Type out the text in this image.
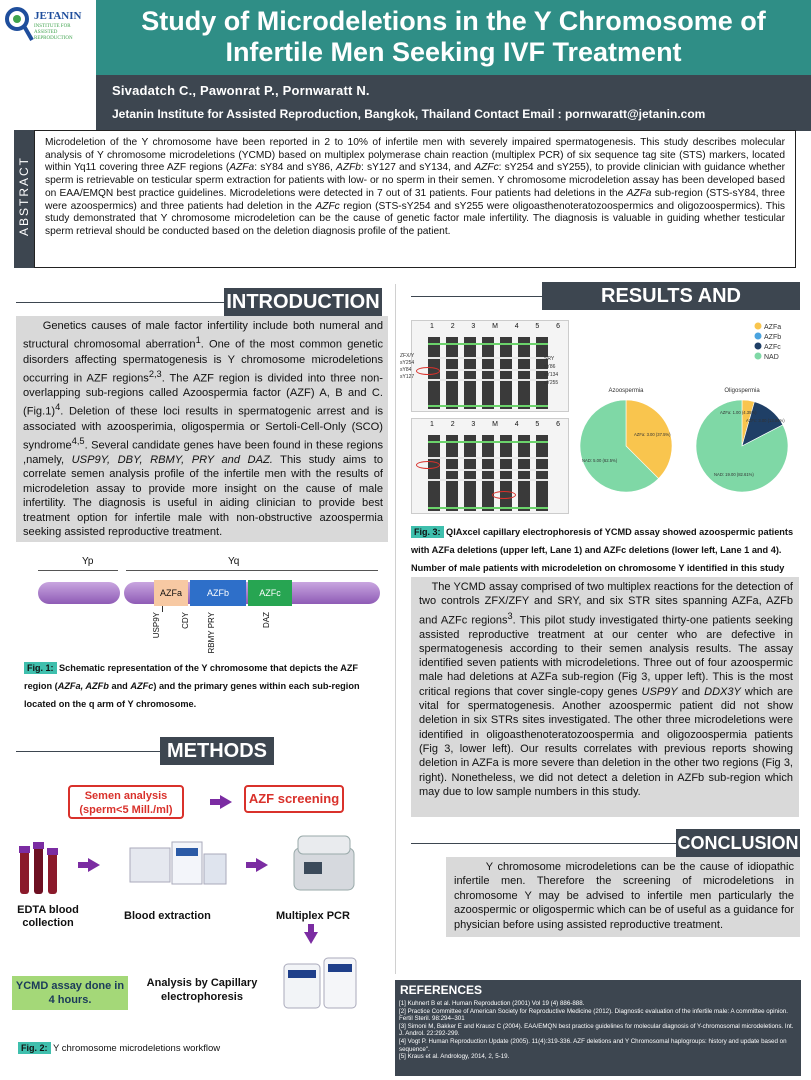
JETANIN
INSTITUTE FOR ASSISTED REPRODUCTION
Study of Microdeletions in the Y Chromosome of
Infertile Men Seeking IVF Treatment
Sivadatch C., Pawonrat P., Pornwaratt N.
Jetanin Institute for Assisted Reproduction, Bangkok, Thailand Contact Email : pornwaratt@jetanin.com
ABSTRACT
Microdeletion of the Y chromosome have been reported in 2 to 10% of infertile men with severely impaired spermatogenesis. This study describes molecular analysis of Y chromosome microdeletions (YCMD) based on multiplex polymerase chain reaction (multiplex PCR) of six sequence tag site (STS) markers, located within Yq11 covering three AZF regions (AZFa: sY84 and sY86, AZFb: sY127 and sY134, and AZFc: sY254 and sY255), to provide clinician with guidance whether sperm is retrievable on testicular sperm extraction for patients with low- or no sperm in their semen. Y chromosome microdeletion assay has been developed based on EAA/EMQN best practice guidelines. Microdeletions were detected in 7 out of 31 patients. Four patients had deletions in the AZFa sub-region (STS-sY84, three were azoospermics) and three patients had deletion in the AZFc region (STS-sY254 and sY255 were oligoasthenoteratozoospermics and oligozoospermics). This study demonstrated that Y chromosome microdeletion can be the cause of genetic factor male infertility. The diagnosis is valuable in guiding whether testicular sperm retrieval should be conducted based on the deletion diagnosis profile of the patient.
INTRODUCTION
Genetics causes of male factor infertility include both numeral and structural chromosomal aberration$^1$. One of the most common genetic disorders affecting spermatogenesis is Y chromosome microdeletions occurring in AZF regions$^{2,3}$. The AZF region is divided into three non-overlapping sub-regions called Azoospermia factor (AZF) A, B and C. $(Fig.1)^4$. Deletion of these loci results in spermatogenic arrest and is associated with azoosperimia, oligospermia or Sertoli-Cell-Only (SCO) syndrome$^{4,5}$. Several candidate genes have been found in these regions ,namely, USP9Y, DBY, RBMY, PRY and DAZ. This study aims to correlate semen analysis profile of the infertile men with the results of microdeletion assay to provide more insight on the cause of male infertility. The diagnosis is useful in aiding clinician to provide best treatment option for infertile male with non-obstructive azoospermia seeking assisted reproductive treatment.
Yp	Yq
AZFa	AZFb	AZFc
USP9Y	CDY RBMY PRY	DAZ
Fig. 1: Schematic representation of the Y chromosome that depicts the AZF region (AZFa, AZFb and AZFc) and the primary genes within each sub-region located on the q arm of Y chromosome.
METHODS
Semen analysis
(sperm<5 Mill./ml)
AZF screening
EDTA blood collection
Blood extraction	Multiplex PCR
YCMD assay done in 4 hours.
Analysis by Capillary electrophoresis
Fig. 2: Y chromosome microdeletions workflow
RESULTS AND DISCUSSION
1 2 3 M 4 5 6
ZFX/Y
sY254
sY84
sY127
SRY
sY86
sY134
sY255
1 2 3 M 4 5 6
AZFa
AZFb
AZFc
NAD
Azoospermia
AZFa: 3.00 (37.5%)
NAD: 5.00 (62.5%)
Oligospermia
AZFa: 1.00 (4.35%)
AZFc: 3.00 (13.04%)
NAD: 19.00 (82.61%)
Fig. 3: QIAxcel capillary electrophoresis of YCMD assay showed azoospermic patients with AZFa deletions (upper left, Lane 1) and AZFc deletions (lower left, Lane 1 and 4). Number of male patients with microdeletion on chromosome Y identified in this study
The YCMD assay comprised of two multiplex reactions for the detection of two controls ZFX/ZFY and SRY, and six STR sites spanning AZFa, AZFb and AZFc regions$^3$. This pilot study investigated thirty-one patients seeking assisted reproductive treatment at our center who are defective in spermatogenesis according to their semen analysis results. The assay identified seven patients with microdeletions. Three out of four azoospermic male had deletions at AZFa sub-region (Fig 3, upper left). This is the most critical regions that cover single-copy genes USP9Y and DDX3Y which are vital for spermatogenesis. Another azoospermic patient did not show deletion in six STRs sites investigated. The other three microdeletions were identified in oligoasthenoteratozoospermia and oligozoospermia patients (Fig 3, lower left). Our results correlates with previous reports showing deletion in AZFa is more severe than deletion in the other two regions (Fig 3, right). Nonetheless, we did not detect a deletion in AZFb sub-region which may due to low sample numbers in this study.
CONCLUSION
Y chromosome microdeletions can be the cause of idiopathic infertile men. Therefore the screening of microdeletions in chromosome Y may be advised to infertile men particularly the azoospermic or oligospermic which can be of useful as a guidance for physician before using assisted reproductive treatment.
REFERENCES
[1] Kuhnert B et al. Human Reproduction (2001) Vol 19 (4) 886-888.
[2] Practice Committee of American Society for Reproductive Medicine (2012). Diagnostic evaluation of the infertile male: A committee opinion. Fertil Steril. 98:294–301
[3] Simoni M, Bakker E and Krausz C (2004). EAA/EMQN best practice guidelines for molecular diagnosis of Y-chromosomal microdeletions. Int. J. Androl. 22:292-299.
[4] Vogt P. Human Reproduction Update (2005). 11(4):319-336. AZF deletions and Y Chromosomal haplogroups: history and update based on sequence".
[5] Kraus et al. Andrology, 2014, 2, 5-19.
